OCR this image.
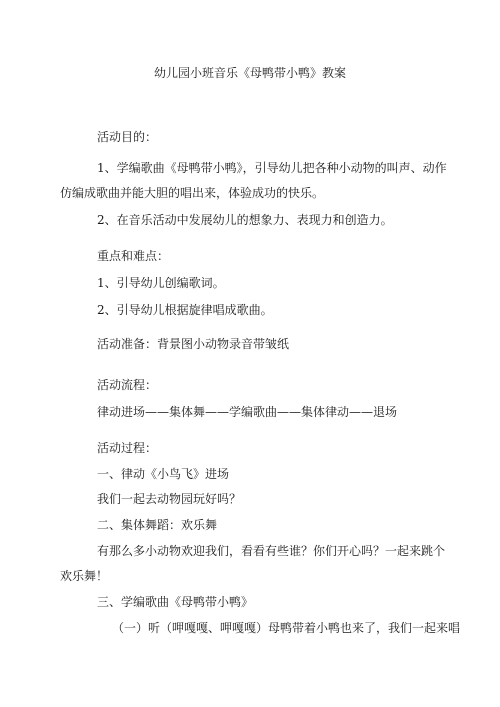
幼儿园小班音乐《母鸭带小鸭》教案
活动目的：
1、学编歌曲《母鸭带小鸭》，引导幼儿把各种小动物的叫声、动作
仿编成歌曲并能大胆的唱出来，体验成功的快乐。
2、在音乐活动中发展幼儿的想象力、表现力和创造力。
重点和难点：
1、引导幼儿创编歌词。
2、引导幼儿根据旋律唱成歌曲。
活动准备：背景图小动物录音带皱纸
活动流程：
律动进场——集体舞——学编歌曲——集体律动——退场
活动过程：
一、律动《小鸟飞》进场
我们一起去动物园玩好吗？
二、集体舞蹈：欢乐舞
有那么多小动物欢迎我们，看看有些谁？你们开心吗？一起来跳个
欢乐舞！
三、学编歌曲《母鸭带小鸭》
（一）听（呷嘎嘎、呷嘎嘎）母鸭带着小鸭也来了，我们一起来唱
